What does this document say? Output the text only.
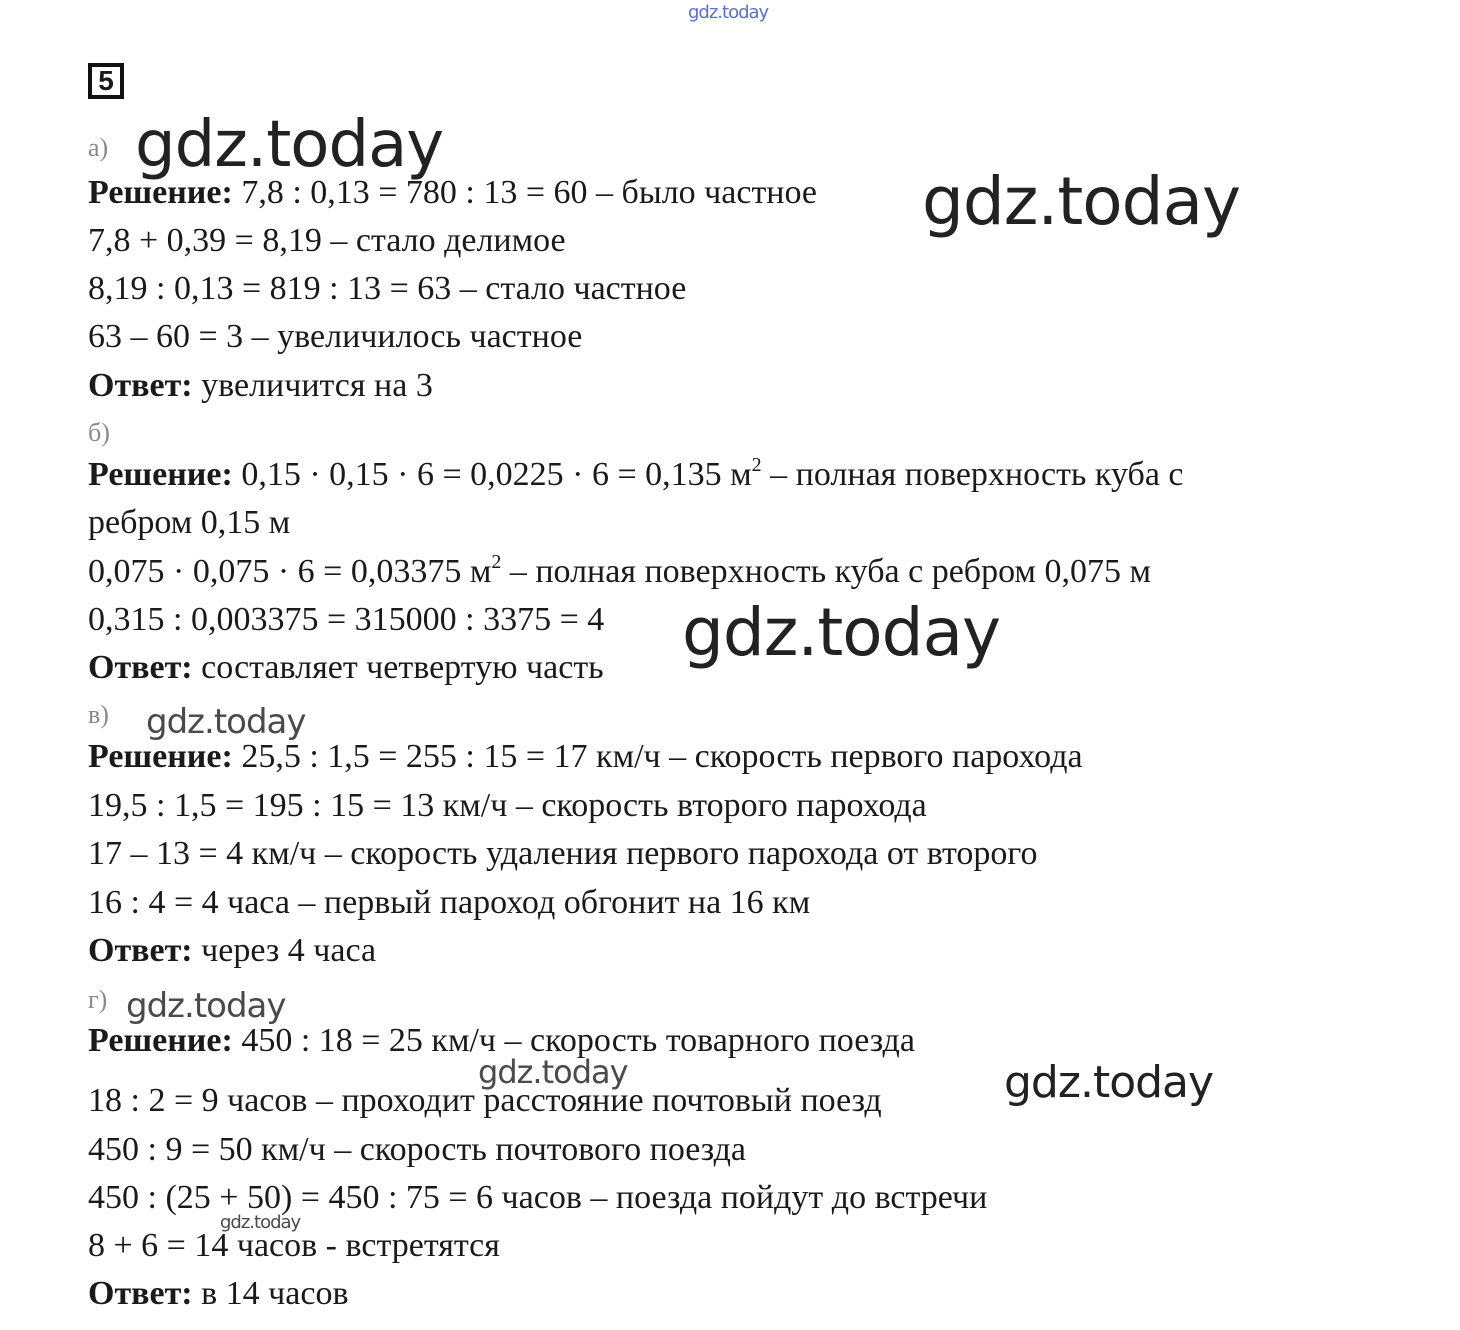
gdz.today
5
а) gdz.today
Решение: 7,8 : 0,13 = 780 : 13 = 60 – было частное gdz.today
7,8 + 0,39 = 8,19 – стало делимое
8,19 : 0,13 = 819 : 13 = 63 – стало частное
63 – 60 = 3 – увеличилось частное
Ответ: увеличится на 3
б)
Решение: 0,15 · 0,15 · 6 = 0,0225 · 6 = 0,135 $м^2$ – полная поверхность куба с
ребром 0,15 м
0,075 · 0,075 · 6 = 0,03375 $м^2$ – полная поверхность куба с ребром 0,075 м
0,315 : 0,003375 = 315000 : 3375 = 4 gdz.today
Ответ: составляет четвертую часть
в) gdz.today
Решение: 25,5 : 1,5 = 255 : 15 = 17 км/ч – скорость первого парохода
19,5 : 1,5 = 195 : 15 = 13 км/ч – скорость второго парохода
17 – 13 = 4 км/ч – скорость удаления первого парохода от второго
16 : 4 = 4 часа – первый пароход обгонит на 16 км
Ответ: через 4 часа
г) gdz.today
Решение: 450 : 18 = 25 км/ч – скорость товарного поезда
gdz.today
18 : 2 = 9 часов – проходит расстояние почтовый поезд	gdz.today
450 : 9 = 50 км/ч – скорость почтового поезда
450 : (25 + 50) = 450 : 75 = 6 часов – поезда пойдут до встречи
gdz.today
8 + 6 = 14 часов - встретятся
Ответ: в 14 часов
